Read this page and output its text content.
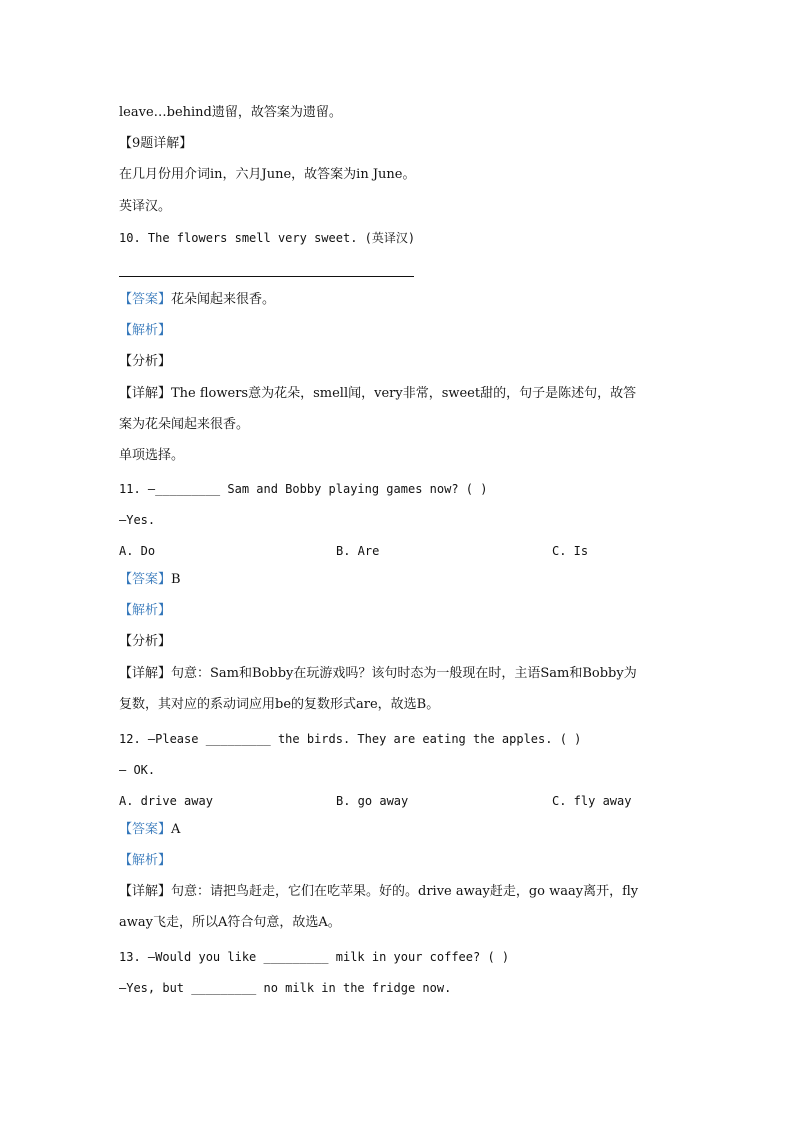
leave…behind遗留，故答案为遗留。
【9题详解】
在几月份用介词in，六月June，故答案为in June。
英译汉。
10. The flowers smell very sweet. (英译汉)
【答案】花朵闻起来很香。
【解析】
【分析】
【详解】The flowers意为花朵，smell闻，very非常，sweet甜的，句子是陈述句，故答
案为花朵闻起来很香。
单项选择。
11. —_________ Sam and Bobby playing games now? ( )
—Yes.
A. Do	B. Are	C. Is
【答案】B
【解析】
【分析】
【详解】句意：Sam和Bobby在玩游戏吗？该句时态为一般现在时，主语Sam和Bobby为
复数，其对应的系动词应用be的复数形式are，故选B。
12. —Please _________ the birds. They are eating the apples. ( )
— OK.
A. drive away	B. go away	C. fly away
【答案】A
【解析】
【详解】句意：请把鸟赶走，它们在吃苹果。好的。drive away赶走，go waay离开，fly
away飞走，所以A符合句意，故选A。
13. —Would you like _________ milk in your coffee? ( )
—Yes, but _________ no milk in the fridge now.
